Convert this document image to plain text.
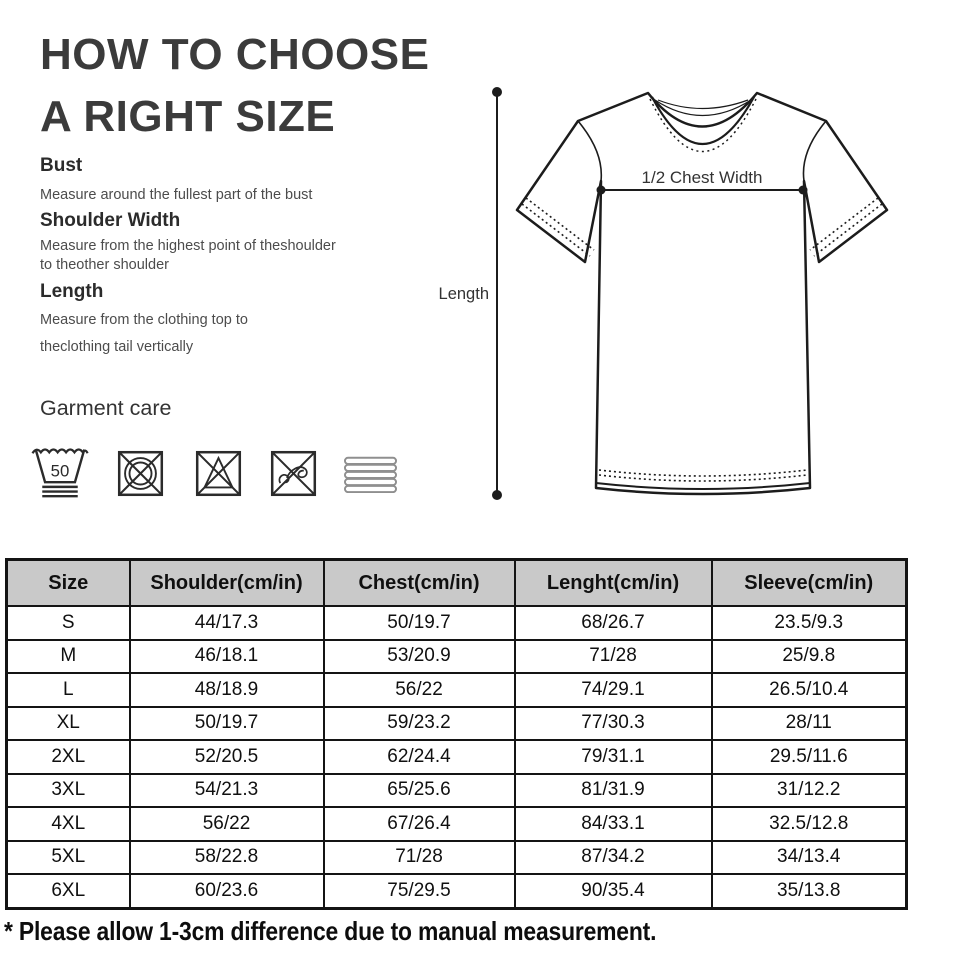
HOW TO CHOOSE
A RIGHT SIZE
Bust
Measure around the fullest part of the bust
Shoulder Width
Measure from the highest point of theshoulder
to theother shoulder
Length
Measure from the clothing top to
theclothing tail vertically
Garment care
50
Length
1/2 Chest Width
Size	Shoulder(cm/in)	Chest(cm/in)	Lenght(cm/in)	Sleeve(cm/in)
S	44/17.3	50/19.7	68/26.7	23.5/9.3
M	46/18.1	53/20.9	71/28	25/9.8
L	48/18.9	56/22	74/29.1	26.5/10.4
XL	50/19.7	59/23.2	77/30.3	28/11
2XL	52/20.5	62/24.4	79/31.1	29.5/11.6
3XL	54/21.3	65/25.6	81/31.9	31/12.2
4XL	56/22	67/26.4	84/33.1	32.5/12.8
5XL	58/22.8	71/28	87/34.2	34/13.4
6XL	60/23.6	75/29.5	90/35.4	35/13.8
* Please allow 1-3cm difference due to manual measurement.
